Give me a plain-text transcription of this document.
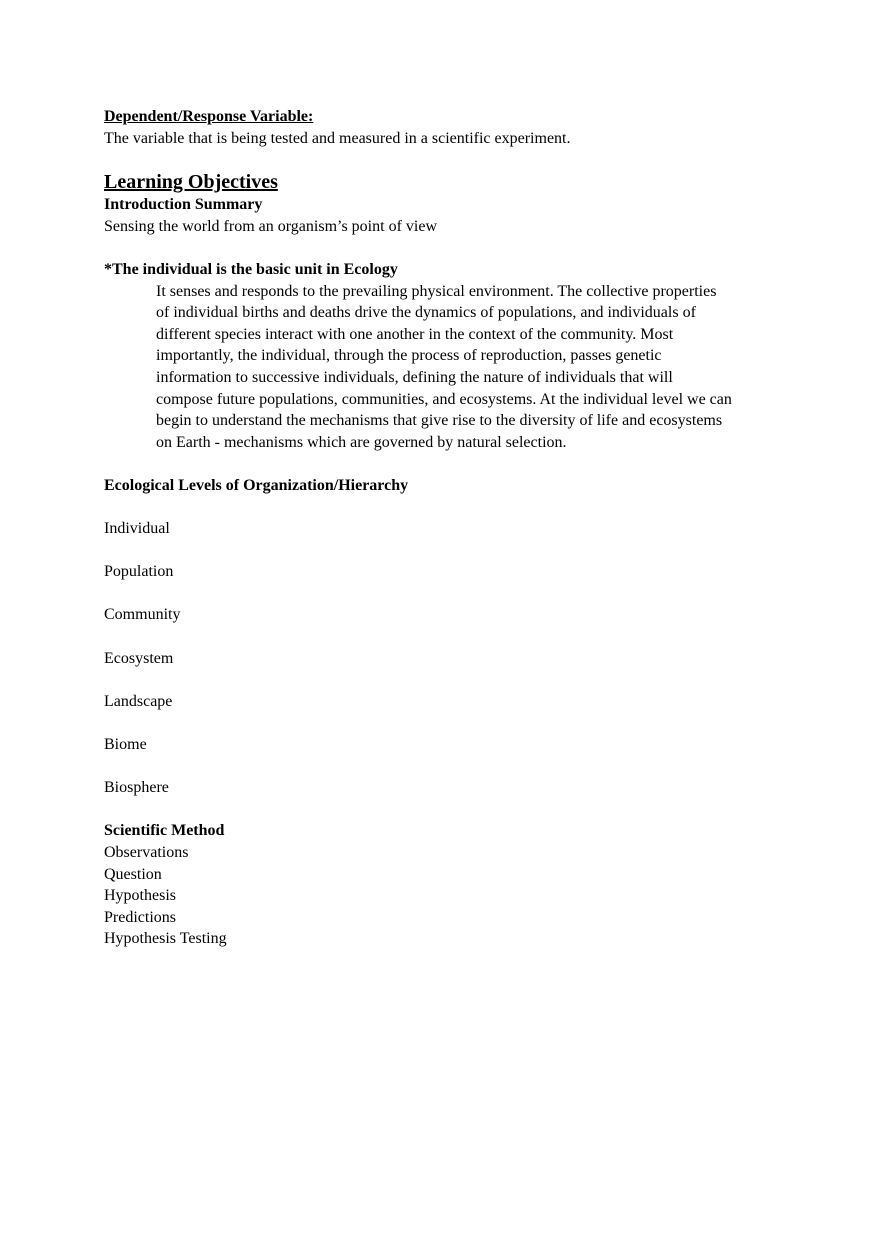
Dependent/Response Variable:
The variable that is being tested and measured in a scientific experiment.
Learning Objectives
Introduction Summary
Sensing the world from an organism’s point of view
*The individual is the basic unit in Ecology
It senses and responds to the prevailing physical environment. The collective properties
of individual births and deaths drive the dynamics of populations, and individuals of
different species interact with one another in the context of the community. Most
importantly, the individual, through the process of reproduction, passes genetic
information to successive individuals, defining the nature of individuals that will
compose future populations, communities, and ecosystems. At the individual level we can
begin to understand the mechanisms that give rise to the diversity of life and ecosystems
on Earth - mechanisms which are governed by natural selection.
Ecological Levels of Organization/Hierarchy
Individual
Population
Community
Ecosystem
Landscape
Biome
Biosphere
Scientific Method
Observations
Question
Hypothesis
Predictions
Hypothesis Testing
